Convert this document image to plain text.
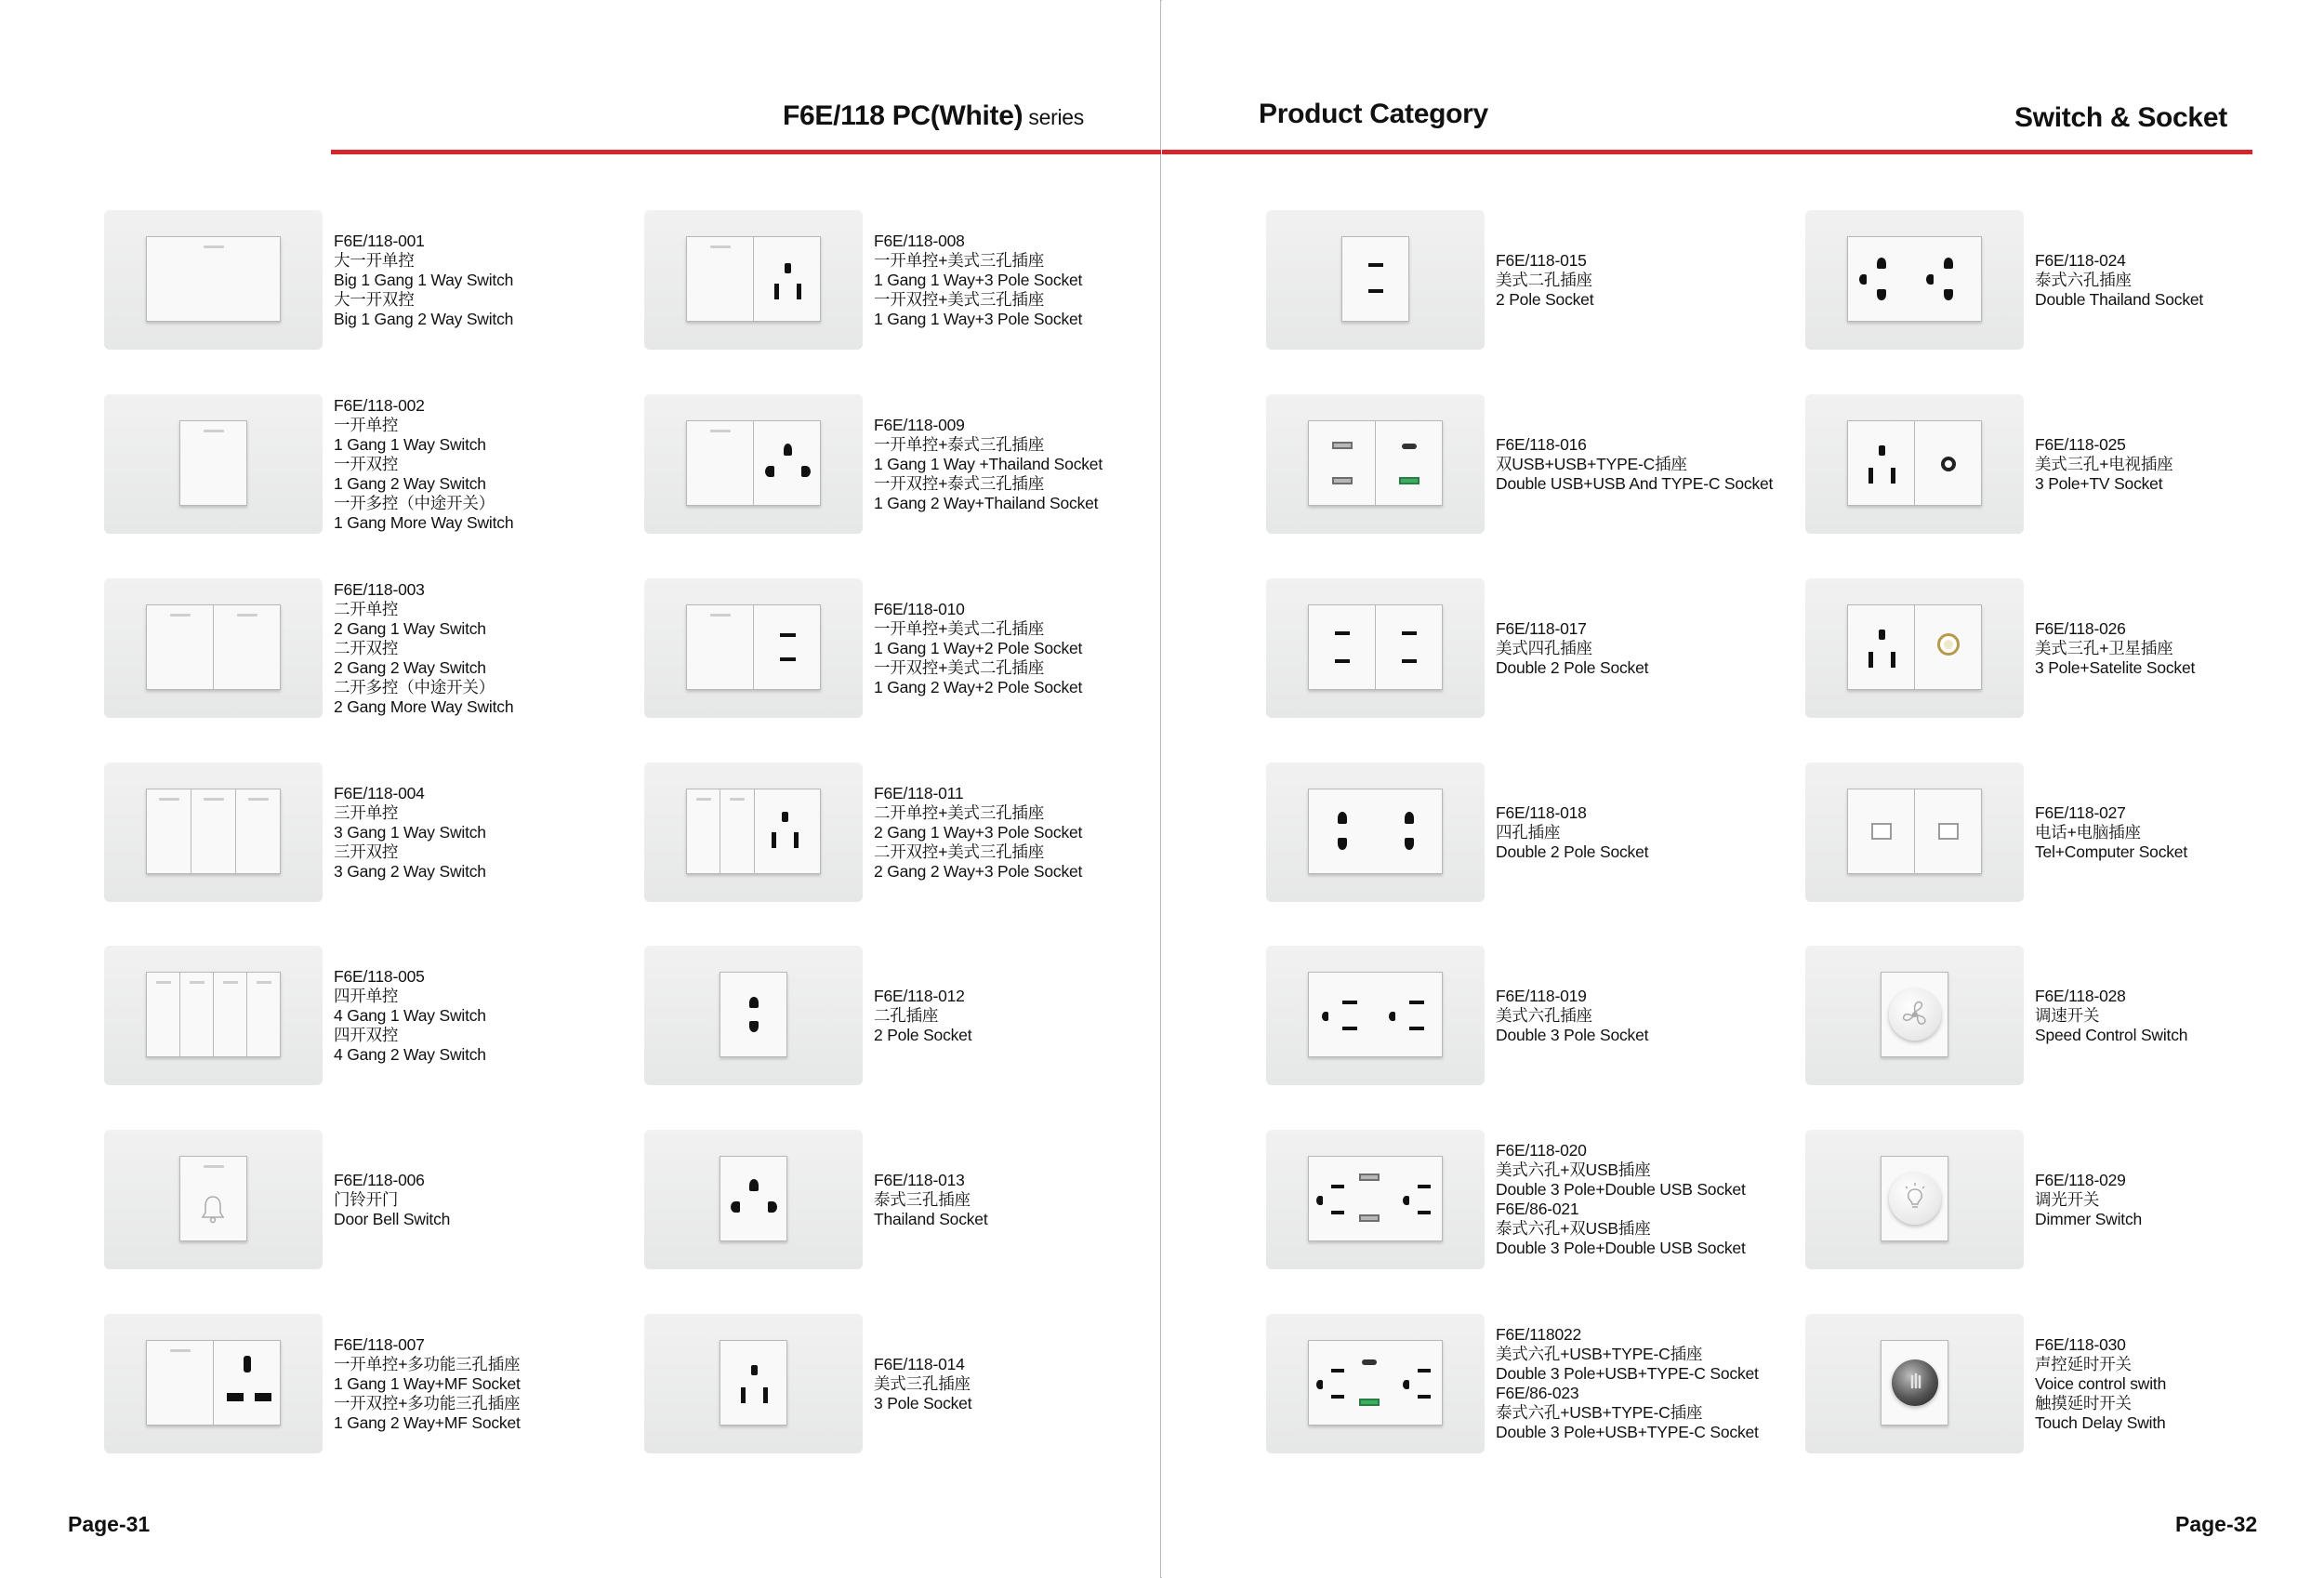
F6E/118 PC(White) series
Page-31
Product Category	Switch & Socket
Page-32
F6E/118-001
大一开单控
Big 1 Gang 1 Way Switch
大一开双控
Big 1 Gang 2 Way Switch
F6E/118-002
一开单控
1 Gang 1 Way Switch
一开双控
1 Gang 2 Way Switch
一开多控（中途开关）
1 Gang More Way Switch
F6E/118-003
二开单控
2 Gang 1 Way Switch
二开双控
2 Gang 2 Way Switch
二开多控（中途开关）
2 Gang More Way Switch
F6E/118-004
三开单控
3 Gang 1 Way Switch
三开双控
3 Gang 2 Way Switch
F6E/118-005
四开单控
4 Gang 1 Way Switch
四开双控
4 Gang 2 Way Switch
F6E/118-006
门铃开门
Door Bell Switch
F6E/118-007
一开单控+多功能三孔插座
1 Gang 1 Way+MF Socket
一开双控+多功能三孔插座
1 Gang 2 Way+MF Socket
F6E/118-008
一开单控+美式三孔插座
1 Gang 1 Way+3 Pole Socket
一开双控+美式三孔插座
1 Gang 1 Way+3 Pole Socket
F6E/118-009
一开单控+泰式三孔插座
1 Gang 1 Way +Thailand Socket
一开双控+泰式三孔插座
1 Gang 2 Way+Thailand Socket
F6E/118-010
一开单控+美式二孔插座
1 Gang 1 Way+2 Pole Socket
一开双控+美式二孔插座
1 Gang 2 Way+2 Pole Socket
F6E/118-011
二开单控+美式三孔插座
2 Gang 1 Way+3 Pole Socket
二开双控+美式三孔插座
2 Gang 2 Way+3 Pole Socket
F6E/118-012
二孔插座
2 Pole Socket
F6E/118-013
泰式三孔插座
Thailand Socket
F6E/118-014
美式三孔插座
3 Pole Socket
F6E/118-015
美式二孔插座
2 Pole Socket
F6E/118-016
双USB+USB+TYPE-C插座
Double USB+USB And TYPE-C Socket
F6E/118-017
美式四孔插座
Double 2 Pole Socket
F6E/118-018
四孔插座
Double 2 Pole Socket
F6E/118-019
美式六孔插座
Double 3 Pole Socket
F6E/118-020
美式六孔+双USB插座
Double 3 Pole+Double USB Socket
F6E/86-021
泰式六孔+双USB插座
Double 3 Pole+Double USB Socket
F6E/118022
美式六孔+USB+TYPE-C插座
Double 3 Pole+USB+TYPE-C Socket
F6E/86-023
泰式六孔+USB+TYPE-C插座
Double 3 Pole+USB+TYPE-C Socket
F6E/118-024
泰式六孔插座
Double Thailand Socket
F6E/118-025
美式三孔+电视插座
3 Pole+TV Socket
F6E/118-026
美式三孔+卫星插座
3 Pole+Satelite Socket
F6E/118-027
电话+电脑插座
Tel+Computer Socket
F6E/118-028
调速开关
Speed Control Switch
F6E/118-029
调光开关
Dimmer Switch
F6E/118-030
声控延时开关
Voice control swith
触摸延时开关
Touch Delay Swith
